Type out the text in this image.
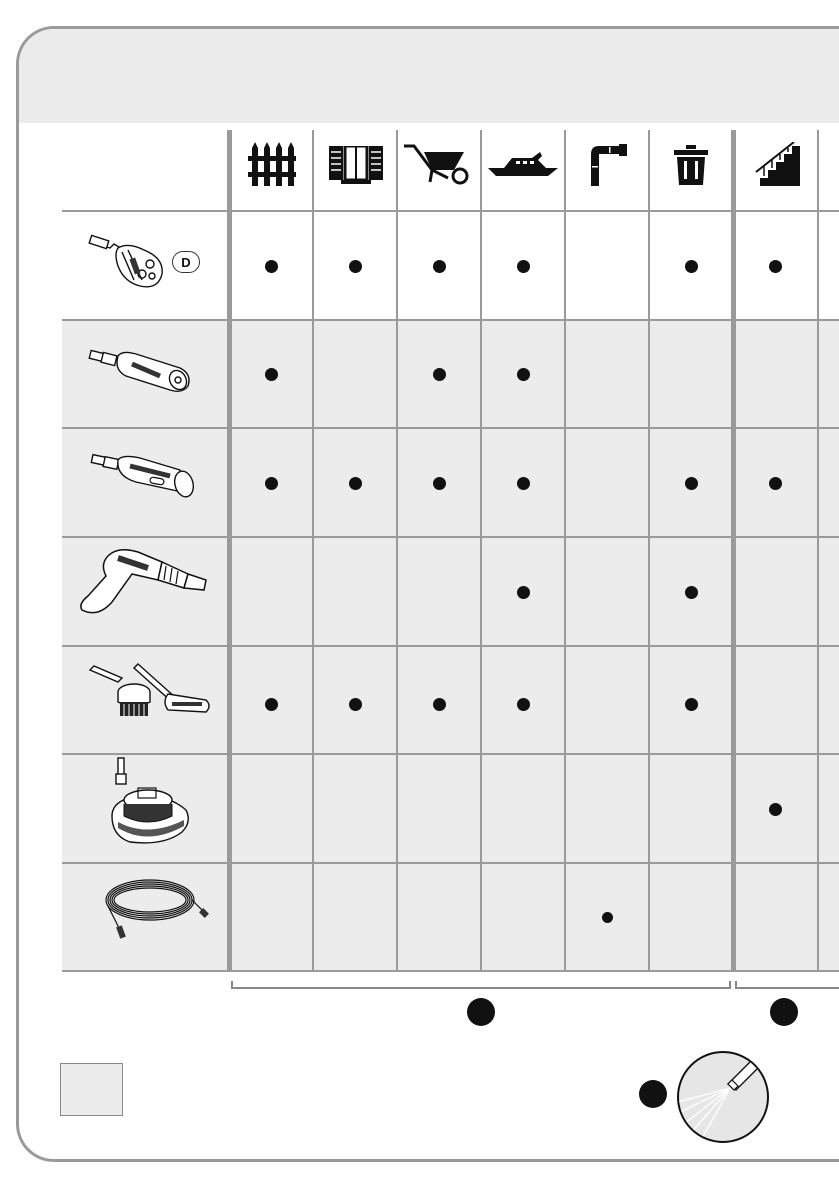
D
